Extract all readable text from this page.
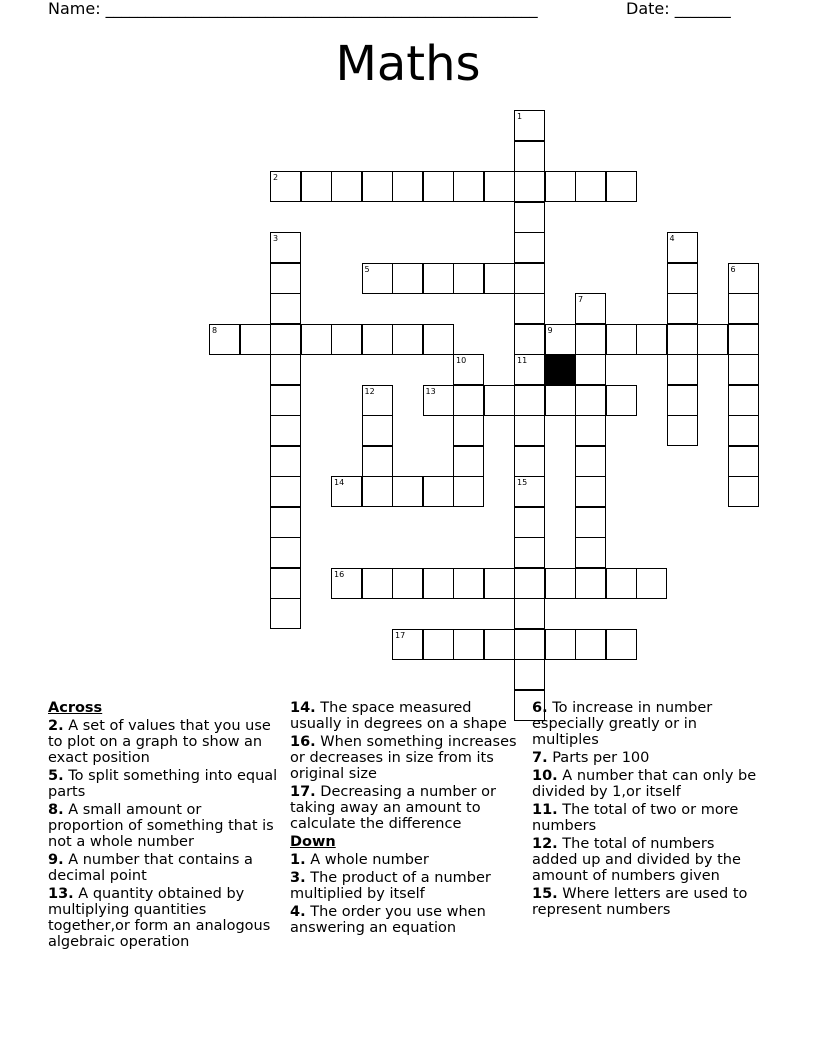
Name: ______________________________________________________

	Date: _______

Maths
1
11
15
2
3	4
5	6
7
8	9
10
12	13
14
16
17
Across
2. A set of values that you use to plot on a graph to show an exact position
5. To split something into equal parts
8. A small amount or proportion of something that is not a whole number
9. A number that contains a decimal point
13. A quantity obtained by multiplying quantities together,or form an analogous algebraic operation
14. The space measured usually in degrees on a shape
16. When something increases or decreases in size from its original size
17. Decreasing a number or taking away an amount to calculate the difference
Down
1. A whole number
3. The product of a number multiplied by itself
4. The order you use when answering an equation
6. To increase in number especially greatly or in multiples
7. Parts per 100
10. A number that can only be divided by 1,or itself
11. The total of two or more numbers
12. The total of numbers added up and divided by the amount of numbers given
15. Where letters are used to represent numbers
